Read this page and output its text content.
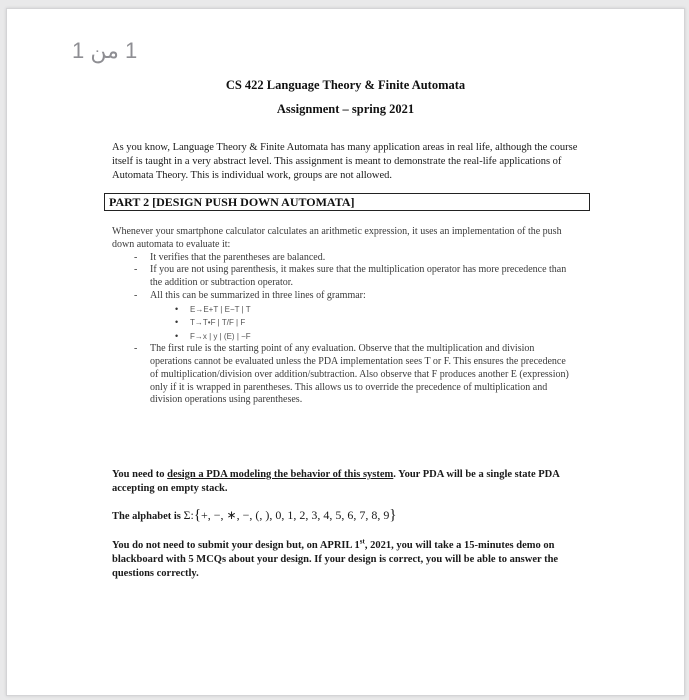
1 من 1
CS 422 Language Theory & Finite Automata
Assignment – spring 2021
As you know, Language Theory & Finite Automata has many application areas in real life, although the course itself is taught in a very abstract level. This assignment is meant to demonstrate the real-life applications of Automata Theory. This is individual work, groups are not allowed.
PART 2 [DESIGN PUSH DOWN AUTOMATA]
Whenever your smartphone calculator calculates an arithmetic expression, it uses an implementation of the push down automata to evaluate it:
- It verifies that the parentheses are balanced.
- If you are not using parenthesis, it makes sure that the multiplication operator has more precedence than the addition or subtraction operator.
- All this can be summarized in three lines of grammar:
• E→E+T | E−T | T
• T→T•F | T/F | F
• F→x | y | (E) | −F
- The first rule is the starting point of any evaluation. Observe that the multiplication and division operations cannot be evaluated unless the PDA implementation sees T or F. This ensures the precedence of multiplication/division over addition/subtraction. Also observe that F produces another E (expression) only if it is wrapped in parentheses. This allows us to override the precedence of multiplication and division operations using parentheses.
You need to design a PDA modeling the behavior of this system. Your PDA will be a single state PDA accepting on empty stack.
The alphabet is Σ:{+, −, ∗, −, (, ), 0, 1, 2, 3, 4, 5, 6, 7, 8, 9}
You do not need to submit your design but, on APRIL 1st, 2021, you will take a 15-minutes demo on blackboard with 5 MCQs about your design. If your design is correct, you will be able to answer the questions correctly.
